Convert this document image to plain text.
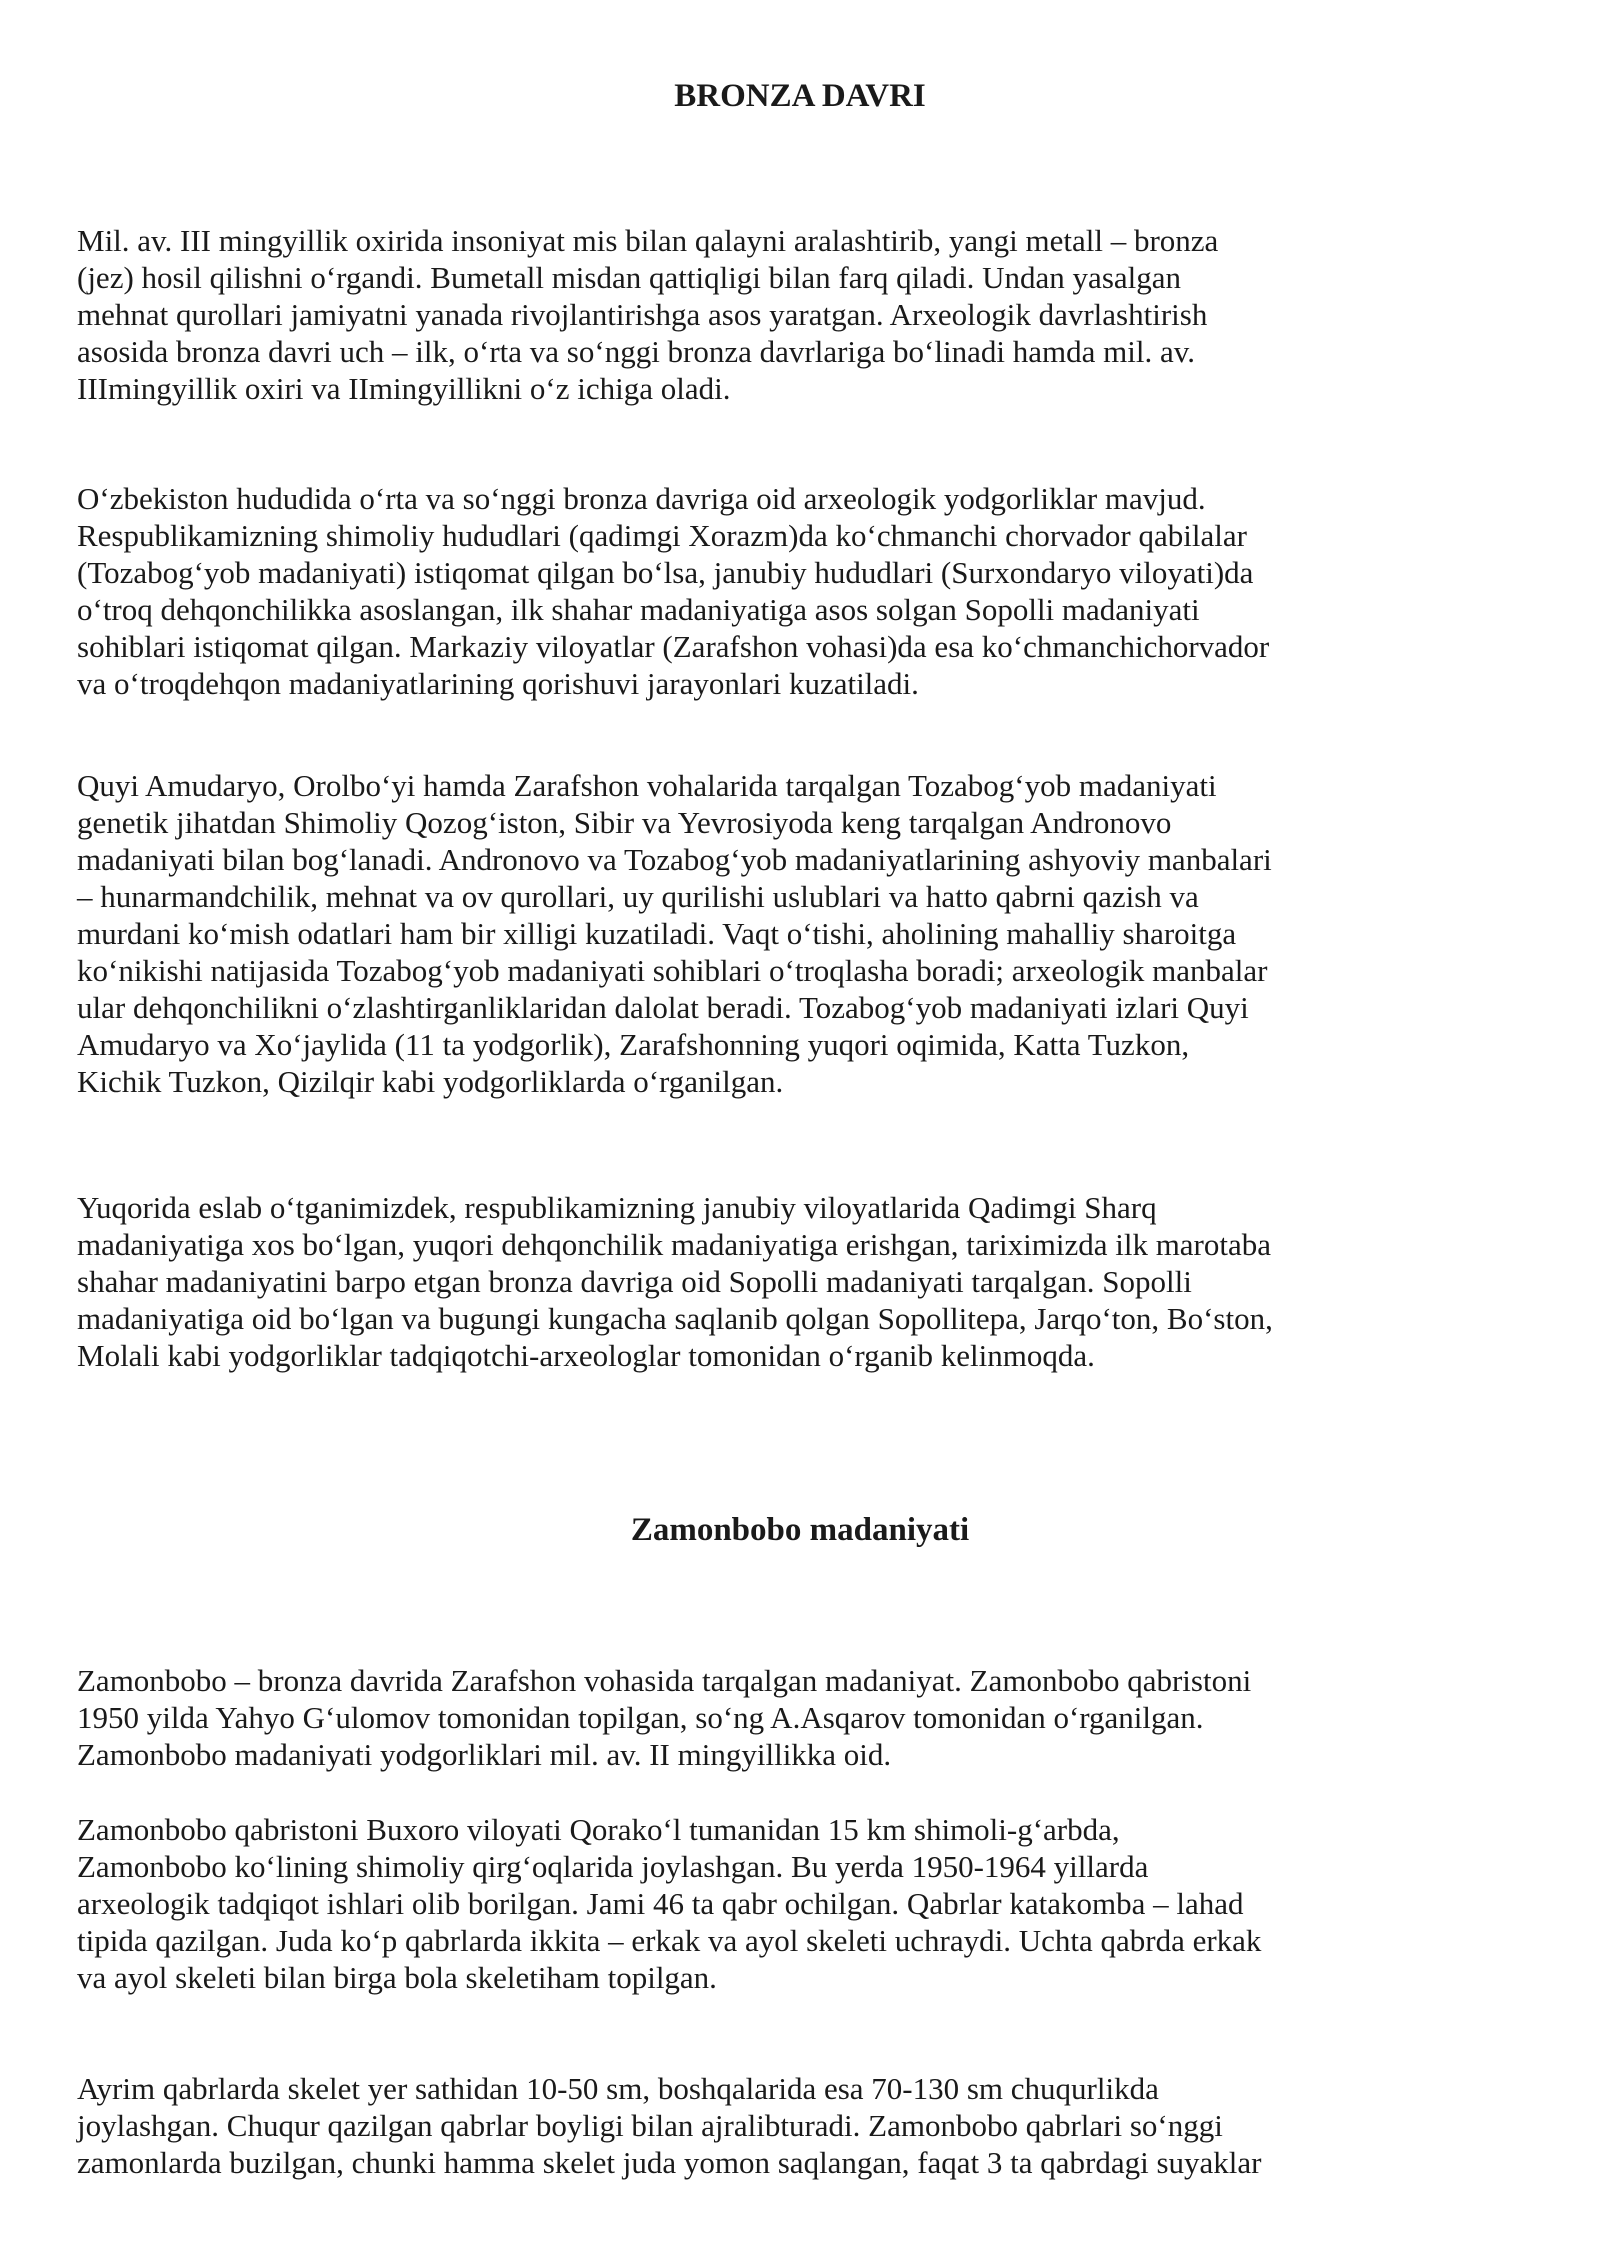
BRONZA DAVRI

Mil. av. III mingyillik oxirida insoniyat mis bilan qalayni aralashtirib, yangi metall – bronza
(jez) hosil qilishni o‘rgandi. Bumetall misdan qattiqligi bilan farq qiladi. Undan yasalgan
mehnat qurollari jamiyatni yanada rivojlantirishga asos yaratgan. Arxeologik davrlashtirish
asosida bronza davri uch – ilk, o‘rta va so‘nggi bronza davrlariga bo‘linadi hamda mil. av.
IIImingyillik oxiri va IImingyillikni o‘z ichiga oladi.

O‘zbekiston hududida o‘rta va so‘nggi bronza davriga oid arxeologik yodgorliklar mavjud.
Respublikamizning shimoliy hududlari (qadimgi Xorazm)da ko‘chmanchi chorvador qabilalar
(Tozabog‘yob madaniyati) istiqomat qilgan bo‘lsa, janubiy hududlari (Surxondaryo viloyati)da
o‘troq dehqonchilikka asoslangan, ilk shahar madaniyatiga asos solgan Sopolli madaniyati
sohiblari istiqomat qilgan. Markaziy viloyatlar (Zarafshon vohasi)da esa ko‘chmanchichorvador
va o‘troqdehqon madaniyatlarining qorishuvi jarayonlari kuzatiladi.

Quyi Amudaryo, Orolbo‘yi hamda Zarafshon vohalarida tarqalgan Tozabog‘yob madaniyati
genetik jihatdan Shimoliy Qozog‘iston, Sibir va Yevrosiyoda keng tarqalgan Andronovo
madaniyati bilan bog‘lanadi. Andronovo va Tozabog‘yob madaniyatlarining ashyoviy manbalari
– hunarmandchilik, mehnat va ov qurollari, uy qurilishi uslublari va hatto qabrni qazish va
murdani ko‘mish odatlari ham bir xilligi kuzatiladi. Vaqt o‘tishi, aholining mahalliy sharoitga
ko‘nikishi natijasida Tozabog‘yob madaniyati sohiblari o‘troqlasha boradi; arxeologik manbalar
ular dehqonchilikni o‘zlashtirganliklaridan dalolat beradi. Tozabog‘yob madaniyati izlari Quyi
Amudaryo va Xo‘jaylida (11 ta yodgorlik), Zarafshonning yuqori oqimida, Katta Tuzkon,
Kichik Tuzkon, Qizilqir kabi yodgorliklarda o‘rganilgan.

Yuqorida eslab o‘tganimizdek, respublikamizning janubiy viloyatlarida Qadimgi Sharq
madaniyatiga xos bo‘lgan, yuqori dehqonchilik madaniyatiga erishgan, tariximizda ilk marotaba
shahar madaniyatini barpo etgan bronza davriga oid Sopolli madaniyati tarqalgan. Sopolli
madaniyatiga oid bo‘lgan va bugungi kungacha saqlanib qolgan Sopollitepa, Jarqo‘ton, Bo‘ston,
Molali kabi yodgorliklar tadqiqotchi-arxeologlar tomonidan o‘rganib kelinmoqda.

Zamonbobo madaniyati

Zamonbobo – bronza davrida Zarafshon vohasida tarqalgan madaniyat. Zamonbobo qabristoni
1950 yilda Yahyo G‘ulomov tomonidan topilgan, so‘ng A.Asqarov tomonidan o‘rganilgan.
Zamonbobo madaniyati yodgorliklari mil. av. II mingyillikka oid.

Zamonbobo qabristoni Buxoro viloyati Qorako‘l tumanidan 15 km shimoli-g‘arbda,
Zamonbobo ko‘lining shimoliy qirg‘oqlarida joylashgan. Bu yerda 1950-1964 yillarda
arxeologik tadqiqot ishlari olib borilgan. Jami 46 ta qabr ochilgan. Qabrlar katakomba – lahad
tipida qazilgan. Juda ko‘p qabrlarda ikkita – erkak va ayol skeleti uchraydi. Uchta qabrda erkak
va ayol skeleti bilan birga bola skeletiham topilgan.

Ayrim qabrlarda skelet yer sathidan 10-50 sm, boshqalarida esa 70-130 sm chuqurlikda
joylashgan. Chuqur qazilgan qabrlar boyligi bilan ajralibturadi. Zamonbobo qabrlari so‘nggi
zamonlarda buzilgan, chunki hamma skelet juda yomon saqlangan, faqat 3 ta qabrdagi suyaklar
